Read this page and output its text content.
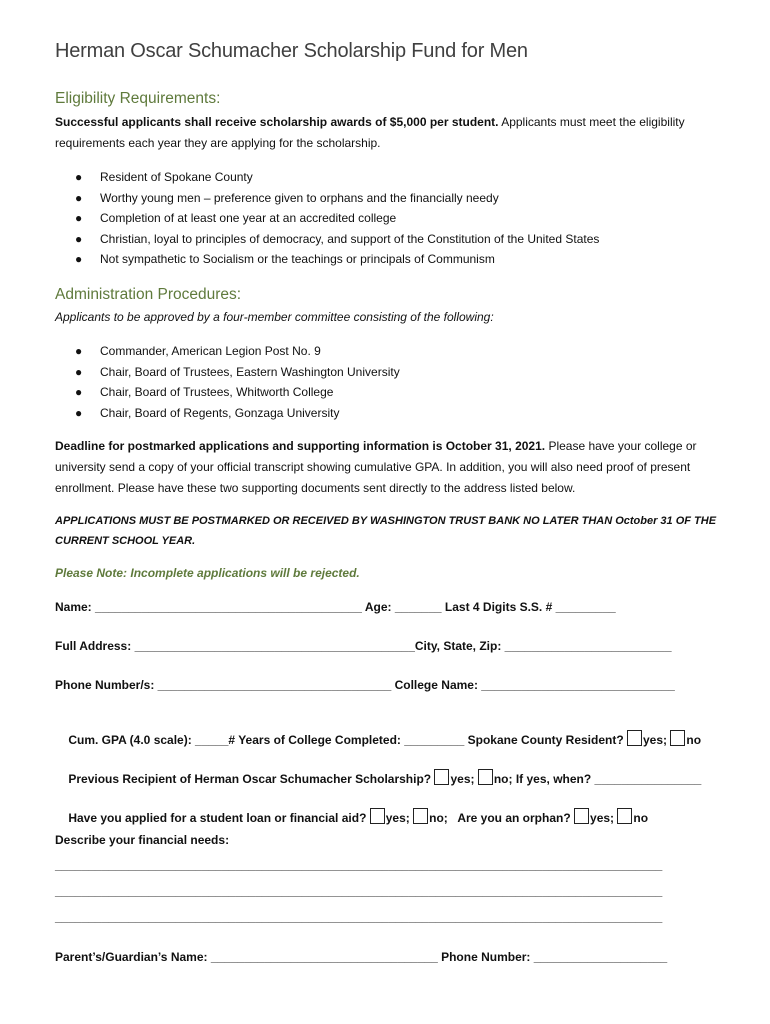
Herman Oscar Schumacher Scholarship Fund for Men
Eligibility Requirements:
Successful applicants shall receive scholarship awards of $5,000 per student. Applicants must meet the eligibility requirements each year they are applying for the scholarship.
● Resident of Spokane County
● Worthy young men – preference given to orphans and the financially needy
● Completion of at least one year at an accredited college
● Christian, loyal to principles of democracy, and support of the Constitution of the United States
● Not sympathetic to Socialism or the teachings or principals of Communism
Administration Procedures:
Applicants to be approved by a four-member committee consisting of the following:
● Commander, American Legion Post No. 9
● Chair, Board of Trustees, Eastern Washington University
● Chair, Board of Trustees, Whitworth College
● Chair, Board of Regents, Gonzaga University
Deadline for postmarked applications and supporting information is October 31, 2021. Please have your college or university send a copy of your official transcript showing cumulative GPA. In addition, you will also need proof of present enrollment. Please have these two supporting documents sent directly to the address listed below.
APPLICATIONS MUST BE POSTMARKED OR RECEIVED BY WASHINGTON TRUST BANK NO LATER THAN October 31 OF THE CURRENT SCHOOL YEAR.
Please Note: Incomplete applications will be rejected.
Name: ________________________________________ Age: _______ Last 4 Digits S.S. # _________
Full Address: __________________________________________City, State, Zip: _________________________
Phone Number/s: ___________________________________ College Name: _____________________________

Cum. GPA (4.0 scale): _____# Years of College Completed: _________ Spokane County Resident? yes; no

Previous Recipient of Herman Oscar Schumacher Scholarship? yes; no; If yes, when? ________________

Have you applied for a student loan or financial aid? yes; no; Are you an orphan? yes; no

Describe your financial needs:
___________________________________________________________________________________________
___________________________________________________________________________________________
___________________________________________________________________________________________
Parent’s/Guardian’s Name: __________________________________ Phone Number: ____________________
